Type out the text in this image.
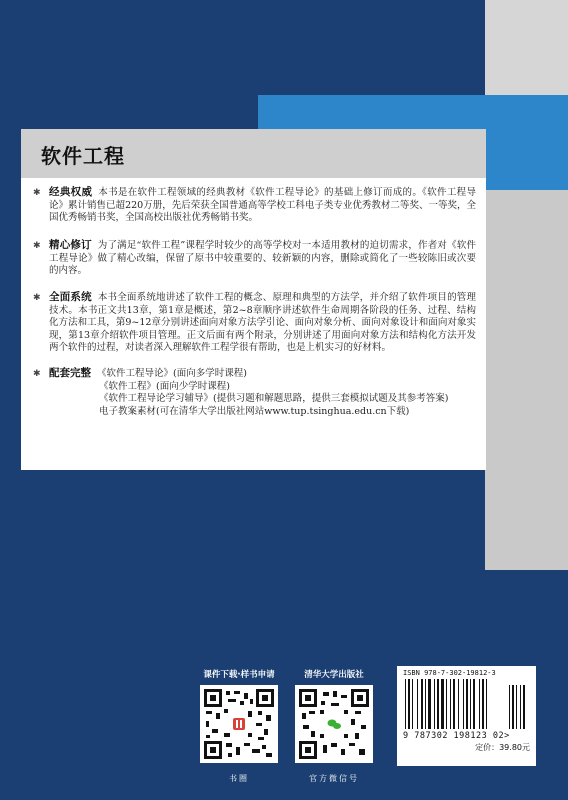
软件工程
✱ 经典权威 本书是在软件工程领域的经典教材《软件工程导论》的基础上修订而成的。《软件工程导论》累计销售已超220万册，先后荣获全国普通高等学校工科电子类专业优秀教材二等奖、一等奖，全国优秀畅销书奖，全国高校出版社优秀畅销书奖。
✱ 精心修订 为了满足“软件工程”课程学时较少的高等学校对一本适用教材的迫切需求，作者对《软件工程导论》做了精心改编，保留了原书中较重要的、较新颖的内容，删除或简化了一些较陈旧或次要的内容。
✱ 全面系统 本书全面系统地讲述了软件工程的概念、原理和典型的方法学，并介绍了软件项目的管理技术。本书正文共13章，第1章是概述，第2~8章顺序讲述软件生命周期各阶段的任务、过程、结构化方法和工具，第9~12章分别讲述面向对象方法学引论、面向对象分析、面向对象设计和面向对象实现，第13章介绍软件项目管理。正文后面有两个附录，分别讲述了用面向对象方法和结构化方法开发两个软件的过程，对读者深入理解软件工程学很有帮助，也是上机实习的好材料。
✱ 配套完整 《软件工程导论》(面向多学时课程)
《软件工程》(面向少学时课程)
《软件工程导论学习辅导》(提供习题和解题思路，提供三套模拟试题及其参考答案)
电子教案素材(可在清华大学出版社网站www.tup.tsinghua.edu.cn下载)
课件下载·样书申请
书圈
清华大学出版社
官方微信号
ISBN 978-7-302-19812-3
9 787302 198123 02>
定价：39.80元
